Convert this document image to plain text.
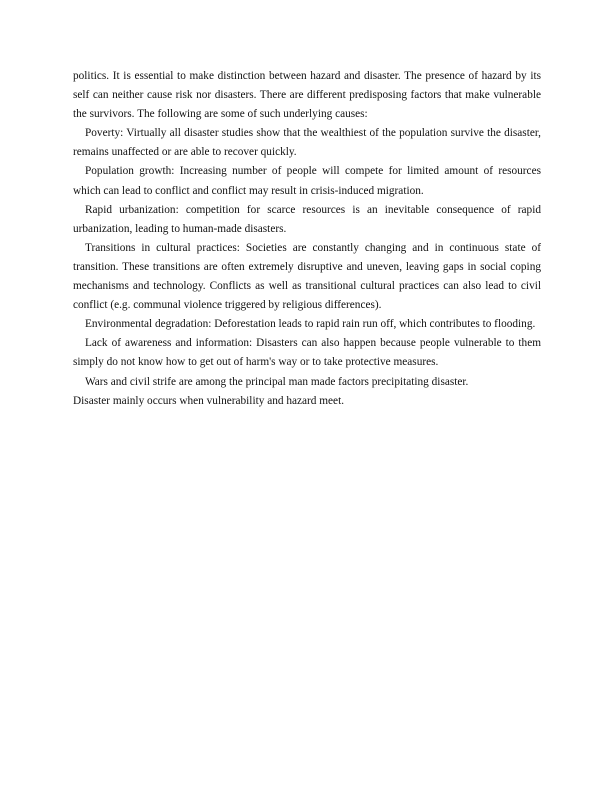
politics. It is essential to make distinction between hazard and disaster. The presence of hazard by its self can neither cause risk nor disasters. There are different predisposing factors that make vulnerable the survivors. The following are some of such underlying causes:

Poverty: Virtually all disaster studies show that the wealthiest of the population survive the disaster, remains unaffected or are able to recover quickly.

Population growth: Increasing number of people will compete for limited amount of resources which can lead to conflict and conflict may result in crisis-induced migration.

Rapid urbanization: competition for scarce resources is an inevitable consequence of rapid urbanization, leading to human-made disasters.

Transitions in cultural practices: Societies are constantly changing and in continuous state of transition. These transitions are often extremely disruptive and uneven, leaving gaps in social coping mechanisms and technology. Conflicts as well as transitional cultural practices can also lead to civil conflict (e.g. communal violence triggered by religious differences).

Environmental degradation: Deforestation leads to rapid rain run off, which contributes to flooding.

Lack of awareness and information: Disasters can also happen because people vulnerable to them simply do not know how to get out of harm's way or to take protective measures.

Wars and civil strife are among the principal man made factors precipitating disaster.

Disaster mainly occurs when vulnerability and hazard meet.
